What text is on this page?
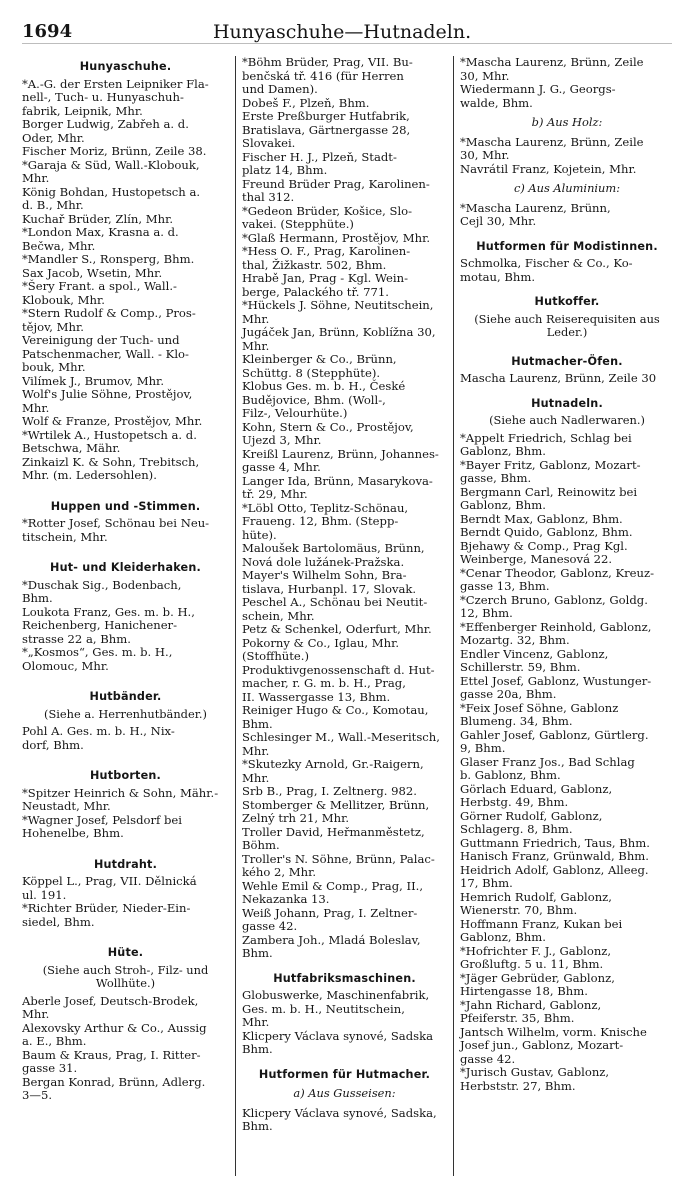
1694	Hunyaschuhe—Hutnadeln.
Hunyaschuhe.
*A.-G. der Ersten Leipniker Fla-
nell-, Tuch- u. Hunyaschuh-
fabrik, Leipnik, Mhr.
Borger Ludwig, Zabřeh a. d.
Oder, Mhr.
Fischer Moriz, Brünn, Zeile 38.
*Garaja & Süd, Wall.-Klobouk,
Mhr.
König Bohdan, Hustopetsch a.
d. B., Mhr.
Kuchař Brüder, Zlín, Mhr.
*London Max, Krasna a. d.
Bečwa, Mhr.
*Mandler S., Ronsperg, Bhm.
Sax Jacob, Wsetin, Mhr.
*Šery Frant. a spol., Wall.-
Klobouk, Mhr.
*Stern Rudolf & Comp., Pros-
tějov, Mhr.
Vereinigung der Tuch- und
Patschenmacher, Wall. - Klo-
bouk, Mhr.
Vilímek J., Brumov, Mhr.
Wolf's Julie Söhne, Prostějov,
Mhr.
Wolf & Franze, Prostějov, Mhr.
*Wrtilek A., Hustopetsch a. d.
Betschwa, Mähr.
Zinkaizl K. & Sohn, Trebitsch,
Mhr. (m. Ledersohlen).
Huppen und -Stimmen.
*Rotter Josef, Schönau bei Neu-
titschein, Mhr.
Hut- und Kleiderhaken.
*Duschak Sig., Bodenbach,
Bhm.
Loukota Franz, Ges. m. b. H.,
Reichenberg, Hanichener-
strasse 22 a, Bhm.
*„Kosmos“, Ges. m. b. H.,
Olomouc, Mhr.
Hutbänder.
(Siehe a. Herrenhutbänder.)
Pohl A. Ges. m. b. H., Nix-
dorf, Bhm.
Hutborten.
*Spitzer Heinrich & Sohn, Mähr.-
Neustadt, Mhr.
*Wagner Josef, Pelsdorf bei
Hohenelbe, Bhm.
Hutdraht.
Köppel L., Prag, VII. Dělnická
ul. 191.
*Richter Brüder, Nieder-Ein-
siedel, Bhm.
Hüte.
(Siehe auch Stroh-, Filz- und Wollhüte.)
Aberle Josef, Deutsch-Brodek,
Mhr.
Alexovsky Arthur & Co., Aussig
a. E., Bhm.
Baum & Kraus, Prag, I. Ritter-
gasse 31.
Bergan Konrad, Brünn, Adlerg.
3—5.
*Böhm Brüder, Prag, VII. Bu-
benčská tř. 416 (für Herren
und Damen).
Dobeš F., Plzeň, Bhm.
Erste Preßburger Hutfabrik,
Bratislava, Gärtnergasse 28,
Slovakei.
Fischer H. J., Plzeň, Stadt-
platz 14, Bhm.
Freund Brüder Prag, Karolinen-
thal 312.
*Gedeon Brüder, Košice, Slo-
vakei. (Stepphüte.)
*Glaß Hermann, Prostějov, Mhr.
*Hess O. F., Prag, Karolinen-
thal, Žižkastr. 502, Bhm.
Hrabě Jan, Prag - Kgl. Wein-
berge, Palackého tř. 771.
*Hückels J. Söhne, Neutitschein,
Mhr.
Jugáček Jan, Brünn, Koblížna 30,
Mhr.
Kleinberger & Co., Brünn,
Schüttg. 8 (Stepphüte).
Klobus Ges. m. b. H., České
Budějovice, Bhm. (Woll-,
Filz-, Velourhüte.)
Kohn, Stern & Co., Prostějov,
Ujezd 3, Mhr.
Kreißl Laurenz, Brünn, Johannes-
gasse 4, Mhr.
Langer Ida, Brünn, Masarykova-
tř. 29, Mhr.
*Löbl Otto, Teplitz-Schönau,
Fraueng. 12, Bhm. (Stepp-
hüte).
Maloušek Bartolomäus, Brünn,
Nová dole lužánek-Pražska.
Mayer's Wilhelm Sohn, Bra-
tislava, Hurbanpl. 17, Slovak.
Peschel A., Schönau bei Neutit-
schein, Mhr.
Petz & Schenkel, Oderfurt, Mhr.
Pokorny & Co., Iglau, Mhr.
(Stoffhüte.)
Produktivgenossenschaft d. Hut-
macher, r. G. m. b. H., Prag,
II. Wassergasse 13, Bhm.
Reiniger Hugo & Co., Komotau,
Bhm.
Schlesinger M., Wall.-Meseritsch,
Mhr.
*Skutezky Arnold, Gr.-Raigern,
Mhr.
Srb B., Prag, I. Zeltnerg. 982.
Stomberger & Mellitzer, Brünn,
Zelný trh 21, Mhr.
Troller David, Heřmanměstetz,
Böhm.
Troller's N. Söhne, Brünn, Palac-
kého 2, Mhr.
Wehle Emil & Comp., Prag, II.,
Nekazanka 13.
Weiß Johann, Prag, I. Zeltner-
gasse 42.
Zambera Joh., Mladá Boleslav,
Bhm.
Hutfabriksmaschinen.
Globuswerke, Maschinenfabrik,
Ges. m. b. H., Neutitschein,
Mhr.
Klicpery Václava synové, Sadska
Bhm.
Hutformen für Hutmacher.
a) Aus Gusseisen:
Klicpery Václava synové, Sadska,
Bhm.
*Mascha Laurenz, Brünn, Zeile
30, Mhr.
Wiedermann J. G., Georgs-
walde, Bhm.
b) Aus Holz:
*Mascha Laurenz, Brünn, Zeile
30, Mhr.
Navrátil Franz, Kojetein, Mhr.
c) Aus Aluminium:
*Mascha Laurenz, Brünn,
Cejl 30, Mhr.
Hutformen für Modistinnen.
Schmolka, Fischer & Co., Ko-
motau, Bhm.
Hutkoffer.
(Siehe auch Reiserequisiten aus Leder.)
Hutmacher-Öfen.
Mascha Laurenz, Brünn, Zeile 30
Hutnadeln.
(Siehe auch Nadlerwaren.)
*Appelt Friedrich, Schlag bei
Gablonz, Bhm.
*Bayer Fritz, Gablonz, Mozart-
gasse, Bhm.
Bergmann Carl, Reinowitz bei
Gablonz, Bhm.
Berndt Max, Gablonz, Bhm.
Berndt Quido, Gablonz, Bhm.
Bjehawy & Comp., Prag Kgl.
Weinberge, Manesová 22.
*Cenar Theodor, Gablonz, Kreuz-
gasse 13, Bhm.
*Czerch Bruno, Gablonz, Goldg.
12, Bhm.
*Effenberger Reinhold, Gablonz,
Mozartg. 32, Bhm.
Endler Vincenz, Gablonz,
Schillerstr. 59, Bhm.
Ettel Josef, Gablonz, Wustunger-
gasse 20a, Bhm.
*Feix Josef Söhne, Gablonz
Blumeng. 34, Bhm.
Gahler Josef, Gablonz, Gürtlerg.
9, Bhm.
Glaser Franz Jos., Bad Schlag
b. Gablonz, Bhm.
Görlach Eduard, Gablonz,
Herbstg. 49, Bhm.
Görner Rudolf, Gablonz,
Schlagerg. 8, Bhm.
Guttmann Friedrich, Taus, Bhm.
Hanisch Franz, Grünwald, Bhm.
Heidrich Adolf, Gablonz, Alleeg.
17, Bhm.
Hemrich Rudolf, Gablonz,
Wienerstr. 70, Bhm.
Hoffmann Franz, Kukan bei
Gablonz, Bhm.
*Hofrichter F. J., Gablonz,
Großluftg. 5 u. 11, Bhm.
*Jäger Gebrüder, Gablonz,
Hirtengasse 18, Bhm.
*Jahn Richard, Gablonz,
Pfeiferstr. 35, Bhm.
Jantsch Wilhelm, vorm. Knische
Josef jun., Gablonz, Mozart-
gasse 42.
*Jurisch Gustav, Gablonz,
Herbststr. 27, Bhm.
